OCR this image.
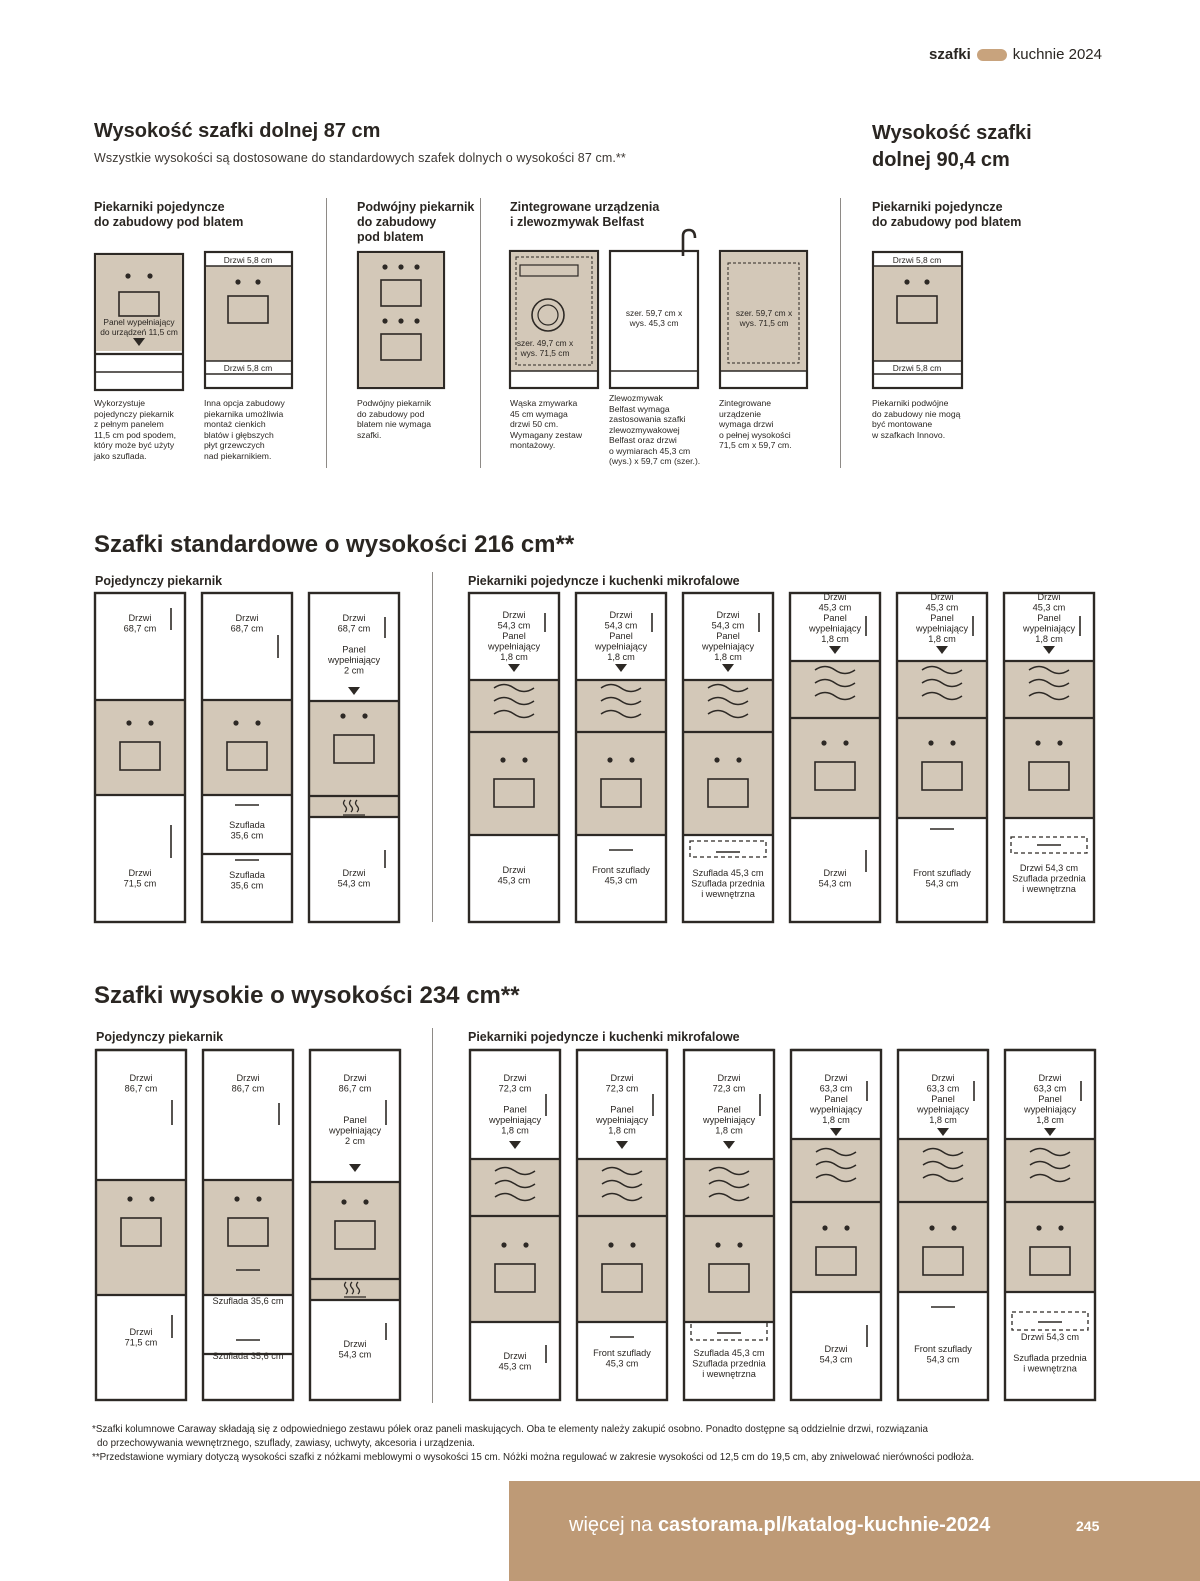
szafki	kuchnie 2024
Wysokość szafki dolnej 87 cm
Wszystkie wysokości są dostosowane do standardowych szafek dolnych o wysokości 87 cm.**
Wysokość szafki
dolnej 90,4 cm
Piekarniki pojedyncze
do zabudowy pod blatem
Podwójny piekarnik
do zabudowy
pod blatem
Zintegrowane urządzenia
i zlewozmywak Belfast
Piekarniki pojedyncze
do zabudowy pod blatem
Panel wypełniający
do urządzeń 11,5 cm
Drzwi 5,8 cm
Drzwi 5,8 cm
szer. 49,7 cm x
wys. 71,5 cm
szer. 59,7 cm x
wys. 45,3 cm
szer. 59,7 cm x
wys. 71,5 cm
Drzwi 5,8 cm
Drzwi 5,8 cm
Wykorzystuje
pojedynczy piekarnik
z pełnym panelem
11,5 cm pod spodem,
który może być użyty
jako szuflada.
Inna opcja zabudowy
piekarnika umożliwia
montaż cienkich
blatów i głębszych
płyt grzewczych
nad piekarnikiem.
Podwójny piekarnik
do zabudowy pod
blatem nie wymaga
szafki.
Wąska zmywarka
45 cm wymaga
drzwi 50 cm.
Wymagany zestaw
montażowy.
Zlewozmywak
Belfast wymaga
zastosowania szafki
zlewozmywakowej
Belfast oraz drzwi
o wymiarach 45,3 cm
(wys.) x 59,7 cm (szer.).
Zintegrowane
urządzenie
wymaga drzwi
o pełnej wysokości
71,5 cm x 59,7 cm.
Piekarniki podwójne
do zabudowy nie mogą
być montowane
w szafkach Innovo.
Szafki standardowe o wysokości 216 cm**
Pojedynczy piekarnik	Piekarniki pojedyncze i kuchenki mikrofalowe
Drzwi
68,7 cm
Drzwi
71,5 cm
Drzwi
68,7 cm
Szuflada
35,6 cm
Szuflada
35,6 cm
Drzwi
68,7 cm
Panel
wypełniający
2 cm
Drzwi
54,3 cm
Drzwi
54,3 cm
Panel
wypełniający
1,8 cm
Drzwi
45,3 cm
Drzwi
54,3 cm
Panel
wypełniający
1,8 cm
Front szuflady
45,3 cm
Drzwi
54,3 cm
Panel
wypełniający
1,8 cm
Szuflada 45,3 cm
Szuflada przednia
i wewnętrzna
Drzwi
45,3 cm
Panel
wypełniający
1,8 cm
Drzwi
54,3 cm
Drzwi
45,3 cm
Panel
wypełniający
1,8 cm
Front szuflady
54,3 cm
Drzwi
45,3 cm
Panel
wypełniający
1,8 cm
Drzwi 54,3 cm
Szuflada przednia
i wewnętrzna
Szafki wysokie o wysokości 234 cm**
Pojedynczy piekarnik	Piekarniki pojedyncze i kuchenki mikrofalowe
Drzwi
86,7 cm
Drzwi
71,5 cm
Drzwi
86,7 cm
Szuflada 35,6 cm
Szuflada 35,6 cm
Drzwi
86,7 cm
Panel
wypełniający
2 cm
Drzwi
54,3 cm
Drzwi
72,3 cm
Panel
wypełniający
1,8 cm
Drzwi
45,3 cm
Drzwi
72,3 cm
Panel
wypełniający
1,8 cm
Front szuflady
45,3 cm
Drzwi
72,3 cm
Panel
wypełniający
1,8 cm
Szuflada 45,3 cm
Szuflada przednia
i wewnętrzna
Drzwi
63,3 cm
Panel
wypełniający
1,8 cm
Drzwi
54,3 cm
Drzwi
63,3 cm
Panel
wypełniający
1,8 cm
Front szuflady
54,3 cm
Drzwi
63,3 cm
Panel
wypełniający
1,8 cm
Drzwi 54,3 cm
Szuflada przednia
i wewnętrzna
*Szafki kolumnowe Caraway składają się z odpowiedniego zestawu półek oraz paneli maskujących. Oba te elementy należy zakupić osobno. Ponadto dostępne są oddzielnie drzwi, rozwiązania
do przechowywania wewnętrznego, szuflady, zawiasy, uchwyty, akcesoria i urządzenia.
**Przedstawione wymiary dotyczą wysokości szafki z nóżkami meblowymi o wysokości 15 cm. Nóżki można regulować w zakresie wysokości od 12,5 cm do 19,5 cm, aby zniwelować nierówności podłoża.
więcej na castorama.pl/katalog-kuchnie-2024	245
